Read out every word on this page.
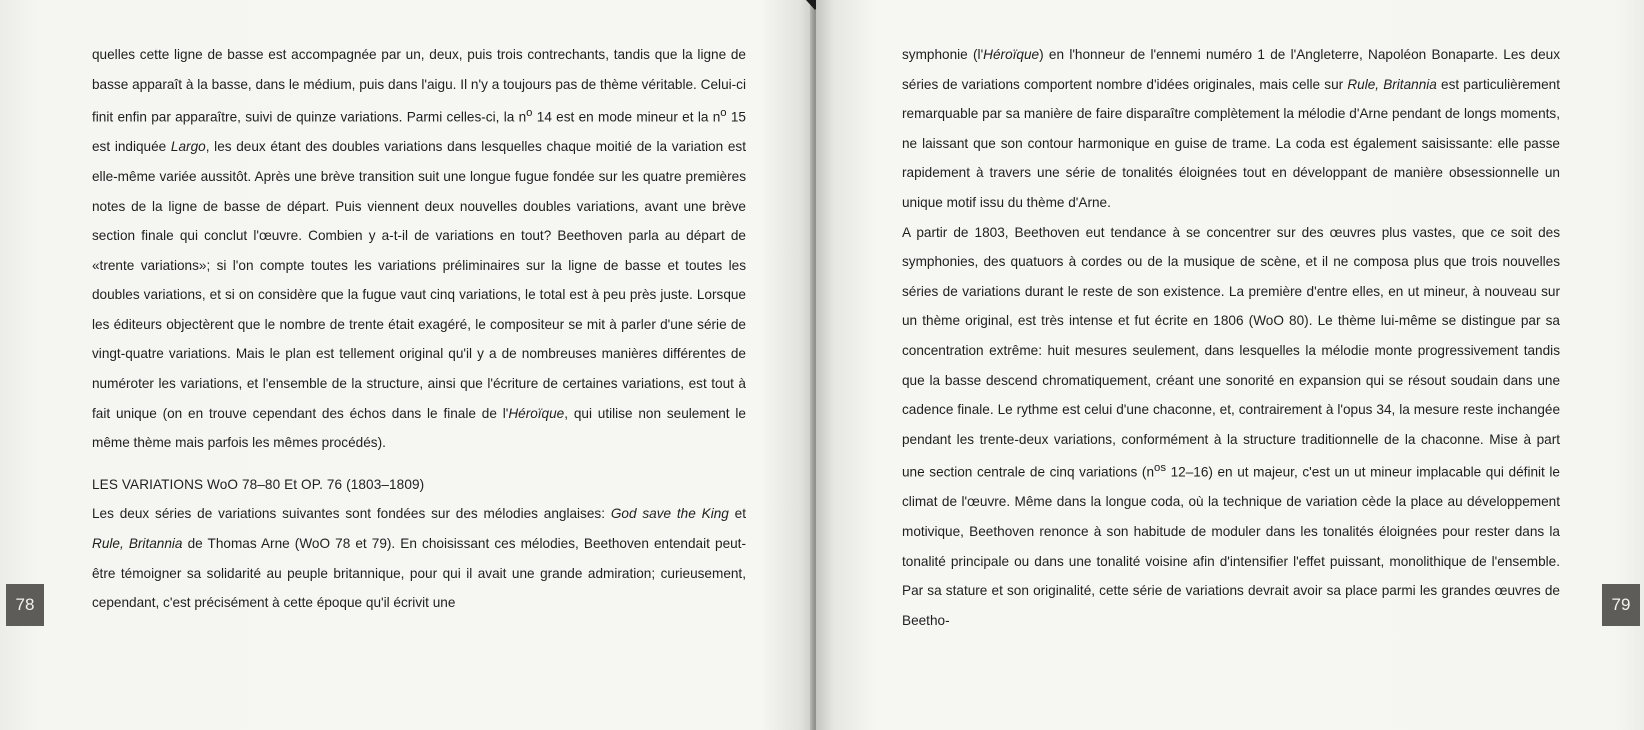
quelles cette ligne de basse est accompagnée par un, deux, puis trois contrechants, tandis que la ligne de basse apparaît à la basse, dans le médium, puis dans l'aigu. Il n'y a toujours pas de thème véritable. Celui-ci finit enfin par apparaître, suivi de quinze variations. Parmi celles-ci, la $n^o$ 14 est en mode mineur et la $n^o$ 15 est indiquée Largo, les deux étant des doubles variations dans lesquelles chaque moitié de la variation est elle-même variée aussitôt. Après une brève transition suit une longue fugue fondée sur les quatre premières notes de la ligne de basse de départ. Puis viennent deux nouvelles doubles variations, avant une brève section finale qui conclut l'œuvre. Combien y a-t-il de variations en tout? Beethoven parla au départ de «trente variations»; si l'on compte toutes les variations préliminaires sur la ligne de basse et toutes les doubles variations, et si on considère que la fugue vaut cinq variations, le total est à peu près juste. Lorsque les éditeurs objectèrent que le nombre de trente était exagéré, le compositeur se mit à parler d'une série de vingt-quatre variations. Mais le plan est tellement original qu'il y a de nombreuses manières différentes de numéroter les variations, et l'ensemble de la structure, ainsi que l'écriture de certaines variations, est tout à fait unique (on en trouve cependant des échos dans le finale de l'Héroïque, qui utilise non seulement le même thème mais parfois les mêmes procédés).

LES VARIATIONS WoO 78–80 Et OP. 76 (1803–1809)

Les deux séries de variations suivantes sont fondées sur des mélodies anglaises: God save the King et Rule, Britannia de Thomas Arne (WoO 78 et 79). En choisissant ces mélodies, Beethoven entendait peut-être témoigner sa solidarité au peuple britannique, pour qui il avait une grande admiration; curieusement, cependant, c'est précisément à cette époque qu'il écrivit une

78

symphonie (l'Héroïque) en l'honneur de l'ennemi numéro 1 de l'Angleterre, Napoléon Bonaparte. Les deux séries de variations comportent nombre d'idées originales, mais celle sur Rule, Britannia est particulièrement remarquable par sa manière de faire disparaître complètement la mélodie d'Arne pendant de longs moments, ne laissant que son contour harmonique en guise de trame. La coda est également saisissante: elle passe rapidement à travers une série de tonalités éloignées tout en développant de manière obsessionnelle un unique motif issu du thème d'Arne.

A partir de 1803, Beethoven eut tendance à se concentrer sur des œuvres plus vastes, que ce soit des symphonies, des quatuors à cordes ou de la musique de scène, et il ne composa plus que trois nouvelles séries de variations durant le reste de son existence. La première d'entre elles, en ut mineur, à nouveau sur un thème original, est très intense et fut écrite en 1806 (WoO 80). Le thème lui-même se distingue par sa concentration extrême: huit mesures seulement, dans lesquelles la mélodie monte progressivement tandis que la basse descend chromatiquement, créant une sonorité en expansion qui se résout soudain dans une cadence finale. Le rythme est celui d'une chaconne, et, contrairement à l'opus 34, la mesure reste inchangée pendant les trente-deux variations, conformément à la structure traditionnelle de la chaconne. Mise à part une section centrale de cinq variations ($n^{os}$ 12–16) en ut majeur, c'est un ut mineur implacable qui définit le climat de l'œuvre. Même dans la longue coda, où la technique de variation cède la place au développement motivique, Beethoven renonce à son habitude de moduler dans les tonalités éloignées pour rester dans la tonalité principale ou dans une tonalité voisine afin d'intensifier l'effet puissant, monolithique de l'ensemble. Par sa stature et son originalité, cette série de variations devrait avoir sa place parmi les grandes œuvres de Beetho-

79
